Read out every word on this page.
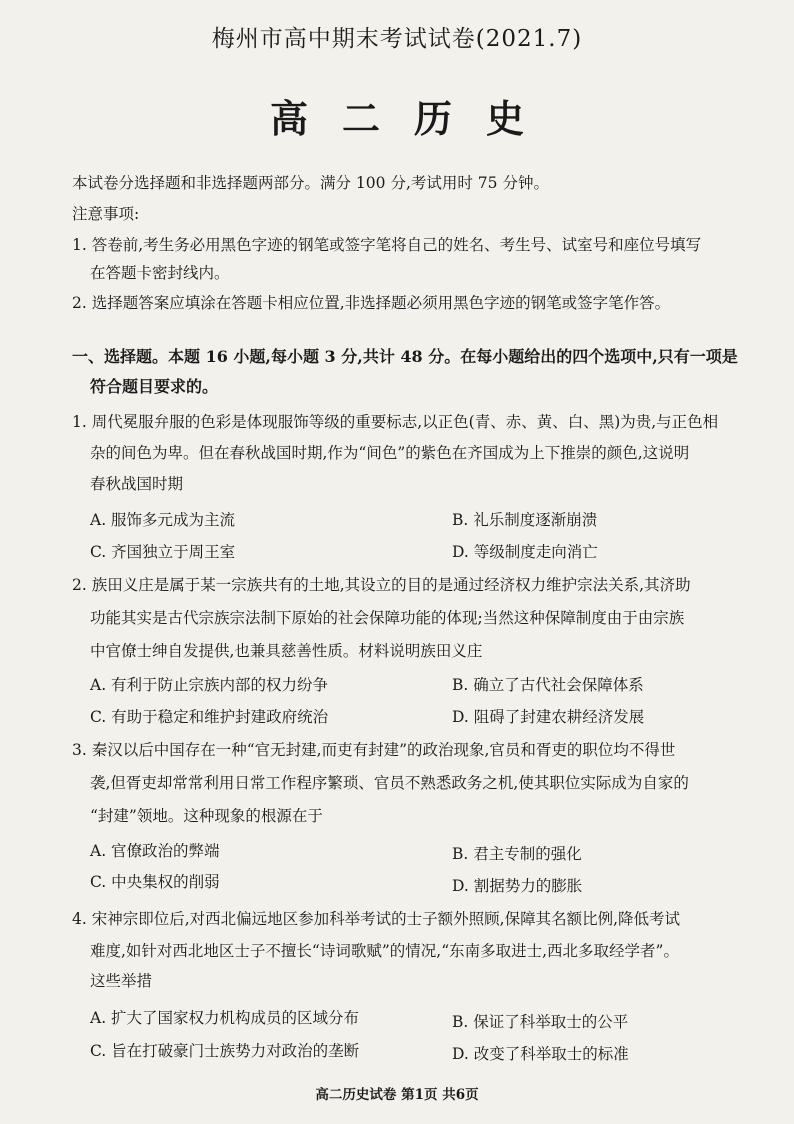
梅州市高中期末考试试卷(2021.7)
高二历史
本试卷分选择题和非选择题两部分。满分 100 分,考试用时 75 分钟。
注意事项:
1. 答卷前,考生务必用黑色字迹的钢笔或签字笔将自己的姓名、考生号、试室号和座位号填写
在答题卡密封线内。
2. 选择题答案应填涂在答题卡相应位置,非选择题必须用黑色字迹的钢笔或签字笔作答。
一、选择题。本题 16 小题,每小题 3 分,共计 48 分。在每小题给出的四个选项中,只有一项是
符合题目要求的。
1. 周代冕服弁服的色彩是体现服饰等级的重要标志,以正色(青、赤、黄、白、黑)为贵,与正色相
杂的间色为卑。但在春秋战国时期,作为“间色”的紫色在齐国成为上下推崇的颜色,这说明
春秋战国时期
A. 服饰多元成为主流	B. 礼乐制度逐渐崩溃
C. 齐国独立于周王室	D. 等级制度走向消亡
2. 族田义庄是属于某一宗族共有的土地,其设立的目的是通过经济权力维护宗法关系,其济助
功能其实是古代宗族宗法制下原始的社会保障功能的体现;当然这种保障制度由于由宗族
中官僚士绅自发提供,也兼具慈善性质。材料说明族田义庄
A. 有利于防止宗族内部的权力纷争	B. 确立了古代社会保障体系
C. 有助于稳定和维护封建政府统治	D. 阻碍了封建农耕经济发展
3. 秦汉以后中国存在一种“官无封建,而吏有封建”的政治现象,官员和胥吏的职位均不得世
袭,但胥吏却常常利用日常工作程序繁琐、官员不熟悉政务之机,使其职位实际成为自家的
“封建”领地。这种现象的根源在于
A. 官僚政治的弊端	B. 君主专制的强化
C. 中央集权的削弱	D. 割据势力的膨胀
4. 宋神宗即位后,对西北偏远地区参加科举考试的士子额外照顾,保障其名额比例,降低考试
难度,如针对西北地区士子不擅长“诗词歌赋”的情况,“东南多取进士,西北多取经学者”。
这些举措
A. 扩大了国家权力机构成员的区域分布	B. 保证了科举取士的公平
C. 旨在打破豪门士族势力对政治的垄断	D. 改变了科举取士的标准
高二历史试卷 第1页 共6页
